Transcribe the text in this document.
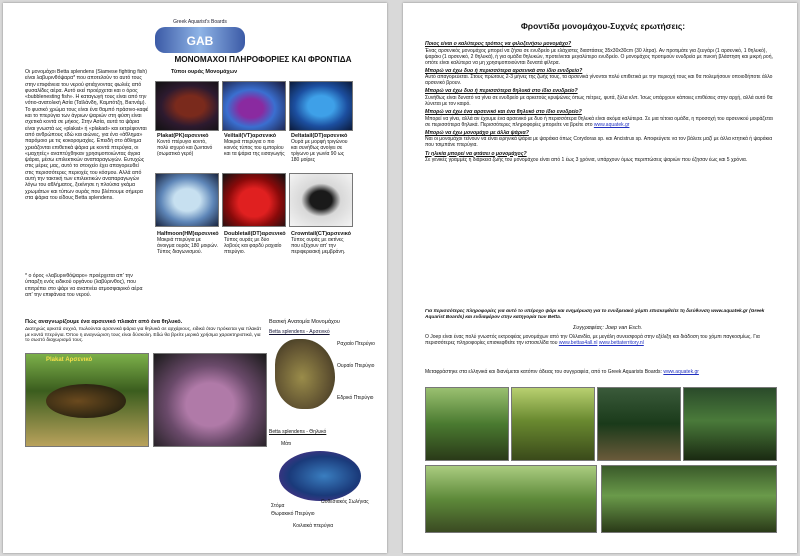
Greek Aquarist's Boards
GAB
ΜΟΝΟΜΑΧΟΙ ΠΛΗΡΟΦΟΡΙΕΣ ΚΑΙ ΦΡΟΝΤΙΔΑ
Οι μονομάχοι Betta splendens (Siamese fighting fish) είναι λαβυρινθόψαρα* που αποτελούν το αυτό τους στην επιφάνεια του νερού φτιάχνοντας φωλιές από φυσαλίδες αέρα. Αυτό εκεί προέρχεται και ο όρος «bubblenesting fish». Η καταγωγή τους είναι από την νότιο-ανατολική Ασία (Ταϊλάνδη, Καμπότζη, Βιετνάμ). Το φυσικό χρώμα τους είναι ένα θαμπό πράσινο-καφέ και το πτερύγια των άγριων ψαριών στη φύση είναι σχετικά κοντά σε μήκος. Στην Ασία, αυτά τα ψάρια είναι γνωστά ως «plakat» ή «plakad» και εκτρέφονται από ανθρώπους εδώ και αιώνες, για ένα «άθλημα» παρόμοιο με τις κοκορομαχίες. Επειδή στο άθλημα χρειάζονται επιθετικά ψάρια με κοντά πτερύγια, οι «μαχητές» αναπτύχθηκαν χρησιμοποιώντας άγρια ψάρια, μέσω επιλεκτικών αναπαραγωγών. Ευτυχώς στις μέρες μας, αυτό το στοιχείο έχει απαγορευθεί στις περισσότερες περιοχές του κόσμου. Αλλά από αυτή την τακτική των επιλεκτικών αναπαραγωγών λόγω του αθλήματος, ξεκίνησε η πλούσια γκάμα χρωμάτων και τύπων ουράς που βλέπουμε σήμερα στα ψάρια του είδους Betta splendens.
* ο όρος «λαβυρινθόψαρο» προέρχεται απ' την ύπαρξη ενός ειδικού οργάνου (λαβύρινθος), που επιτρέπει στο ψάρι να αναπνέει ατμοσφαιρικό αέρα απ' την επιφάνεια του νερού.
Τύποι ουράς Μονομάχων
Plakat(PK)αρσενικό
Κοντό πτέρυγιο κοντό, πολύ ισχυρό και ζωντανό (σωματικά γερό)
Veiltail(VT)αρσενικό
Μακριά πτερύγια ο πιο κοινός τύπος του εμπορίου και τα ψάρια της εισαγωγής
Deltatail(DT)αρσενικό
Ουρά με μορφή τριγώνου και συνήθως ανοίγει σε τρίγωνο με γωνία 90 ως 180 μοίρες
Halfmoon(HM)αρσενικό
Μακριά πτερύγια με άνοιγμα ουράς 180 μοιρών. Τύπος διαγωνισμού.
Doubletail(DT)αρσενικό
Τύπος ουράς με δύο λοβούς και φαρδύ ραχιαίο πτερύγιο.
Crowntail(CT)αρσενικό
Τύπος ουράς με ακτίνες που εξέχουν απ' την περιφερειακή μεμβράνη.
Πώς αναγνωρίζουμε ένα αρσενικό πλακάτ από ένα θηλυκό.
Διατηρώς αρκετά συχνά, πωλούνται αρσενικά ψάρια για θηλυκά σε αρχάριους, ειδικά όταν πρόκειται για πλακάτ με κοντά πτερύγια. Όπου η αναγνώριση τους είναι δύσκολη. Εδώ θα βρείτε μερικά χρήσιμα χαρακτηριστικά, για το σωστό διαχωρισμό τους.
Plakat Αρσενικό
Βασική Ανατομία Μονομάχου
Betta splendens - Αρσενικό
Ραχιαίο Πτερύγιο
Ουραίο Πτερύγιο
Εδρικό Πτερύγιο
Betta splendens - Θηλυκό
Μάτι
Στόμα
Θωρακικό Πτερύγιο
Ωοθεσιακός Σωλήνας
Κοιλιακά πτερύγια
Φροντίδα μονομάχου-Συχνές ερωτήσεις:
Ποιος είναι ο καλύτερος τρόπος να φιλοξενήσω μονομάχο?
Ένας αρσενικός μονομάχος μπορεί να ζήσει σε ενυδρείο με ελάχιστες διαστάσεις 35x30x30cm (30 λίτρα). Αν προτιμάτε για ζευγάρι (1 αρσενικό, 1 θηλυκό), ψαράκι (1 αρσενικό, 2 θηλυκά), ή για ομάδα θηλυκών, προτείνεται μεγαλύτερο ενυδρείο. Ο μονομάχος προτιμούν ενυδρεία με πυκνή βλάστηση και μικρή ροή, οπότε είναι καλύτερα να μη χρησιμοποιούνται δυνατά φίλτρα.
Μπορώ να έχω δυο ή περισσότερα αρσενικά στο ίδιο ενυδρείο?
Αυτό απαγορεύεται. Στους πρώτους 2-3 μήνες της ζωής τους, τα αρσενικά γίνονται πολύ επιθετικά με την περιοχή τους και θα πολεμήσουν οποιοδήποτε άλλο αρσενικό βρουν.
Μπορώ να έχω δυο ή περισσότερα θηλυκά στο ίδιο ενυδρείο?
Συνήθως είναι δυνατό να γίνει σε ενυδρείο με αρκετούς κρυψώνες όπως πέτρες, φυτά, ξύλα κλπ. Ίσως υπάρχουν κάποιες επιθέσεις στην αρχή, αλλά αυτό θα λύνεται με τον καιρό.
Μπορώ να έχω ένα αρσενικό και ένα θηλυκό στο ίδιο ενυδρείο?
Μπορεί να γίνει, αλλά αν έχουμε ένα αρσενικό με δυο ή περισσότερα θηλυκά είναι ακόμα καλύτερα. Σε μια τέτοια ομάδα, η προσοχή του αρσενικού μοιράζεται σε περισσότερα θηλυκά. Περισσότερες πληροφορίες μπορείτε να βρείτε στο www.aquatek.gr
Μπορώ να έχω μονομάχο με άλλα ψάρια?
Ναι οι μονομάχοι τείνουν να είναι ειρηνικά ψάρια με ψαράκια όπως Corydoras sp. και Ancistrus sp. Αποφεύγετε να τον βάλετε μαζί με άλλα κτητικά ή ψαράκια που τσιμπάνε πτερύγια.
Τι ηλικία μπορεί να φτάσει ο μονομάχος?
Σε γενικές γραμμές η διάρκεια ζωής του μονομάχου είναι από 1 έως 3 χρόνια, υπάρχουν όμως περιπτώσεις ψαριών που έζησαν έως και 5 χρόνια.
Για περισσότερες πληροφορίες για αυτό το υπέροχο ψάρι και ενημέρωση για το ενυδρειακό χόμπι επισκεφθείτε τη διεύθυνση www.aquatek.gr (Greek Aquarist Boards) και ενδιαφέρον στην κατηγορία των Betta.
Συγγραφέας: Joep van Esch.
Ο Joep είναι ένας πολύ γνωστός εκτροφέας μονομάχων από την Ολλανδία, με μεγάλη συνεισφορά στην εξέλιξη και διάδοση του χόμπι παγκοσμίως. Για περισσότερες πληροφορίες επισκεφθείτε την ιστοσελίδα του www.bettas4all.nl www.bettaterritory.nl
Μεταφράστηκε στα ελληνικά και διανέμεται κατόπιν άδειας του συγγραφέα, από το Greek Aquarists Boards: www.aquatek.gr
